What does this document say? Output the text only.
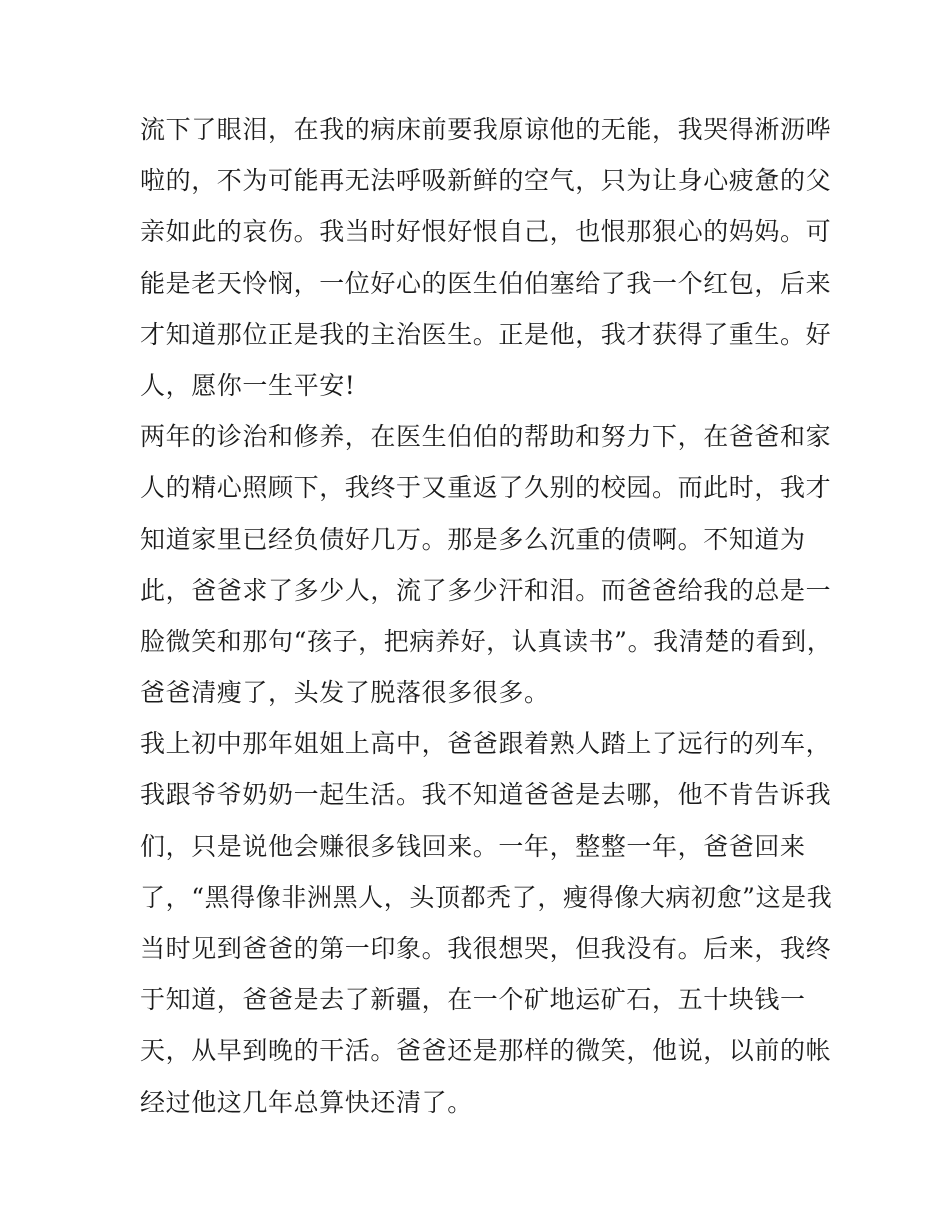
流下了眼泪，在我的病床前要我原谅他的无能，我哭得淅沥哗
啦的，不为可能再无法呼吸新鲜的空气，只为让身心疲惫的父
亲如此的哀伤。我当时好恨好恨自己，也恨那狠心的妈妈。可
能是老天怜悯，一位好心的医生伯伯塞给了我一个红包，后来
才知道那位正是我的主治医生。正是他，我才获得了重生。好
人，愿你一生平安!
两年的诊治和修养，在医生伯伯的帮助和努力下，在爸爸和家
人的精心照顾下，我终于又重返了久别的校园。而此时，我才
知道家里已经负债好几万。那是多么沉重的债啊。不知道为
此，爸爸求了多少人，流了多少汗和泪。而爸爸给我的总是一
脸微笑和那句“孩子，把病养好，认真读书”。我清楚的看到，
爸爸清瘦了，头发了脱落很多很多。
我上初中那年姐姐上高中，爸爸跟着熟人踏上了远行的列车，
我跟爷爷奶奶一起生活。我不知道爸爸是去哪，他不肯告诉我
们，只是说他会赚很多钱回来。一年，整整一年，爸爸回来
了，“黑得像非洲黑人，头顶都秃了，瘦得像大病初愈”这是我
当时见到爸爸的第一印象。我很想哭，但我没有。后来，我终
于知道，爸爸是去了新疆，在一个矿地运矿石，五十块钱一
天，从早到晚的干活。爸爸还是那样的微笑，他说，以前的帐
经过他这几年总算快还清了。
